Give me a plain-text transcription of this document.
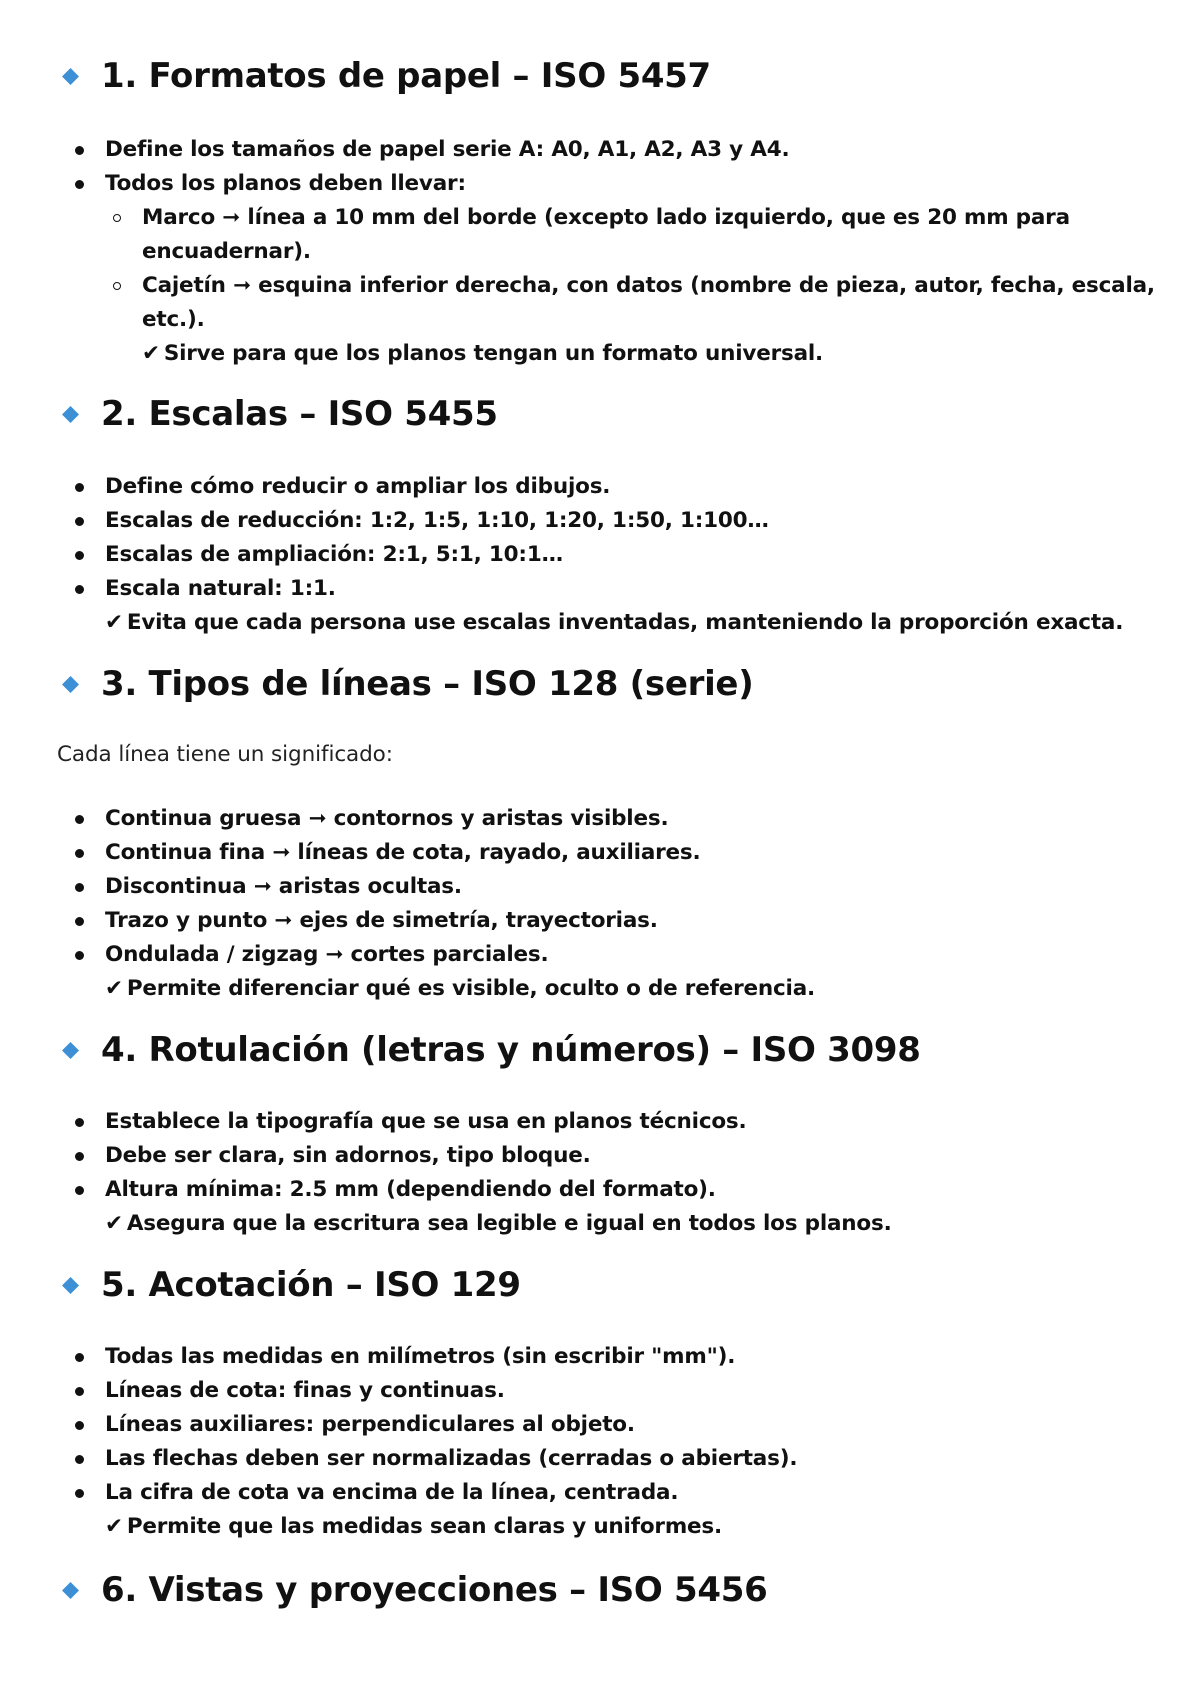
1. Formatos de papel – ISO 5457
Define los tamaños de papel serie A: A0, A1, A2, A3 y A4.
Todos los planos deben llevar:
Marco ➞ línea a 10 mm del borde (excepto lado izquierdo, que es 20 mm para encuadernar).
Cajetín ➞ esquina inferior derecha, con datos (nombre de pieza, autor, fecha, escala, etc.).
✔ Sirve para que los planos tengan un formato universal.
2. Escalas – ISO 5455
Define cómo reducir o ampliar los dibujos.
Escalas de reducción: 1:2, 1:5, 1:10, 1:20, 1:50, 1:100…
Escalas de ampliación: 2:1, 5:1, 10:1…
Escala natural: 1:1.
✔ Evita que cada persona use escalas inventadas, manteniendo la proporción exacta.
3. Tipos de líneas – ISO 128 (serie)
Cada línea tiene un significado:
Continua gruesa ➞ contornos y aristas visibles.
Continua fina ➞ líneas de cota, rayado, auxiliares.
Discontinua ➞ aristas ocultas.
Trazo y punto ➞ ejes de simetría, trayectorias.
Ondulada / zigzag ➞ cortes parciales.
✔ Permite diferenciar qué es visible, oculto o de referencia.
4. Rotulación (letras y números) – ISO 3098
Establece la tipografía que se usa en planos técnicos.
Debe ser clara, sin adornos, tipo bloque.
Altura mínima: 2.5 mm (dependiendo del formato).
✔ Asegura que la escritura sea legible e igual en todos los planos.
5. Acotación – ISO 129
Todas las medidas en milímetros (sin escribir "mm").
Líneas de cota: finas y continuas.
Líneas auxiliares: perpendiculares al objeto.
Las flechas deben ser normalizadas (cerradas o abiertas).
La cifra de cota va encima de la línea, centrada.
✔ Permite que las medidas sean claras y uniformes.
6. Vistas y proyecciones – ISO 5456
